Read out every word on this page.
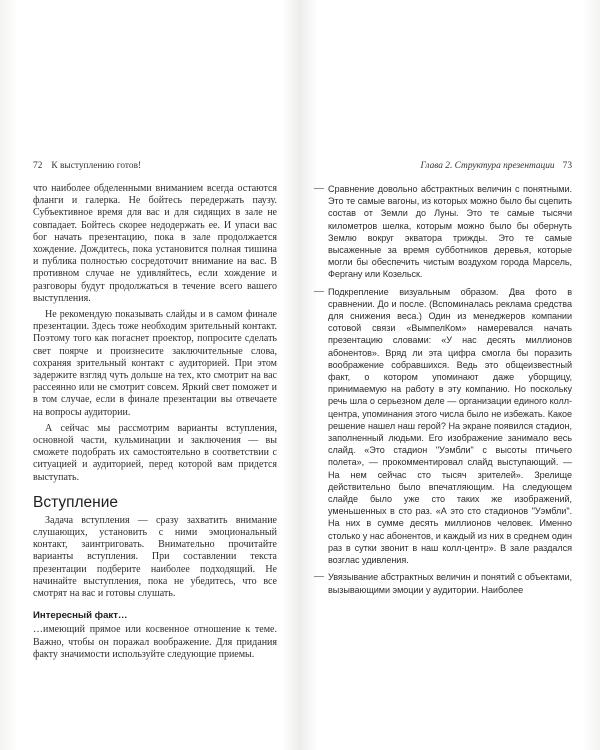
72 К выступлению готов!

что наиболее обделенными вниманием всегда остаются фланги и галерка. Не бойтесь передержать паузу. Субъективное время для вас и для сидящих в зале не совпадает. Бойтесь скорее недодержать ее. И упаси вас бог начать презентацию, пока в зале продолжается хождение. Дождитесь, пока установится полная тишина и публика полностью сосредоточит внимание на вас. В противном случае не удивляйтесь, если хождение и разговоры будут продолжаться в течение всего вашего выступления.

Не рекомендую показывать слайды и в самом финале презентации. Здесь тоже необходим зрительный контакт. Поэтому того как погаснет проектор, попросите сделать свет поярче и произнесите заключительные слова, сохраняя зрительный контакт с аудиторией. При этом задержите взгляд чуть дольше на тех, кто смотрит на вас рассеянно или не смотрит совсем. Яркий свет поможет и в том случае, если в финале презентации вы отвечаете на вопросы аудитории.

А сейчас мы рассмотрим варианты вступления, основной части, кульминации и заключения — вы сможете подобрать их самостоятельно в соответствии с ситуацией и аудиторией, перед которой вам придется выступать.

Вступление

Задача вступления — сразу захватить внимание слушающих, установить с ними эмоциональный контакт, заинтриговать. Внимательно прочитайте варианты вступления. При составлении текста презентации подберите наиболее подходящий. Не начинайте выступления, пока не убедитесь, что все смотрят на вас и готовы слушать.

Интересный факт…

…имеющий прямое или косвенное отношение к теме. Важно, чтобы он поражал воображение. Для придания факту значимости используйте следующие приемы.

Глава 2. Структура презентации 73
— Сравнение довольно абстрактных величин с понятными. Это те самые вагоны, из которых можно было бы сцепить состав от Земли до Луны. Это те самые тысячи километров шелка, которым можно было бы обернуть Землю вокруг экватора трижды. Это те самые высаженные за время субботников деревья, которые могли бы обеспечить чистым воздухом города Марсель, Фергану или Козельск.

— Подкрепление визуальным образом. Два фото в сравнении. До и после. (Вспоминалась реклама средства для снижения веса.) Один из менеджеров компании сотовой связи «ВымпелКом» намеревался начать презентацию словами: «У нас десять миллионов абонентов». Вряд ли эта цифра смогла бы поразить воображение собравшихся. Ведь это общеизвестный факт, о котором упоминают даже уборщицу, принимаемую на работу в эту компанию. Но поскольку речь шла о серьезном деле — организации единого колл-центра, упоминания этого числа было не избежать. Какое решение нашел наш герой? На экране появился стадион, заполненный людьми. Его изображение занимало весь слайд. «Это стадион "Уэмбли" с высоты птичьего полета», — прокомментировал слайд выступающий. — На нем сейчас сто тысяч зрителей». Зрелище действительно было впечатляющим. На следующем слайде было уже сто таких же изображений, уменьшенных в сто раз. «А это сто стадионов "Уэмбли". На них в сумме десять миллионов человек. Именно столько у нас абонентов, и каждый из них в среднем один раз в сутки звонит в наш колл-центр». В зале раздался возглас удивления.

— Увязывание абстрактных величин и понятий с объектами, вызывающими эмоции у аудитории. Наиболее
